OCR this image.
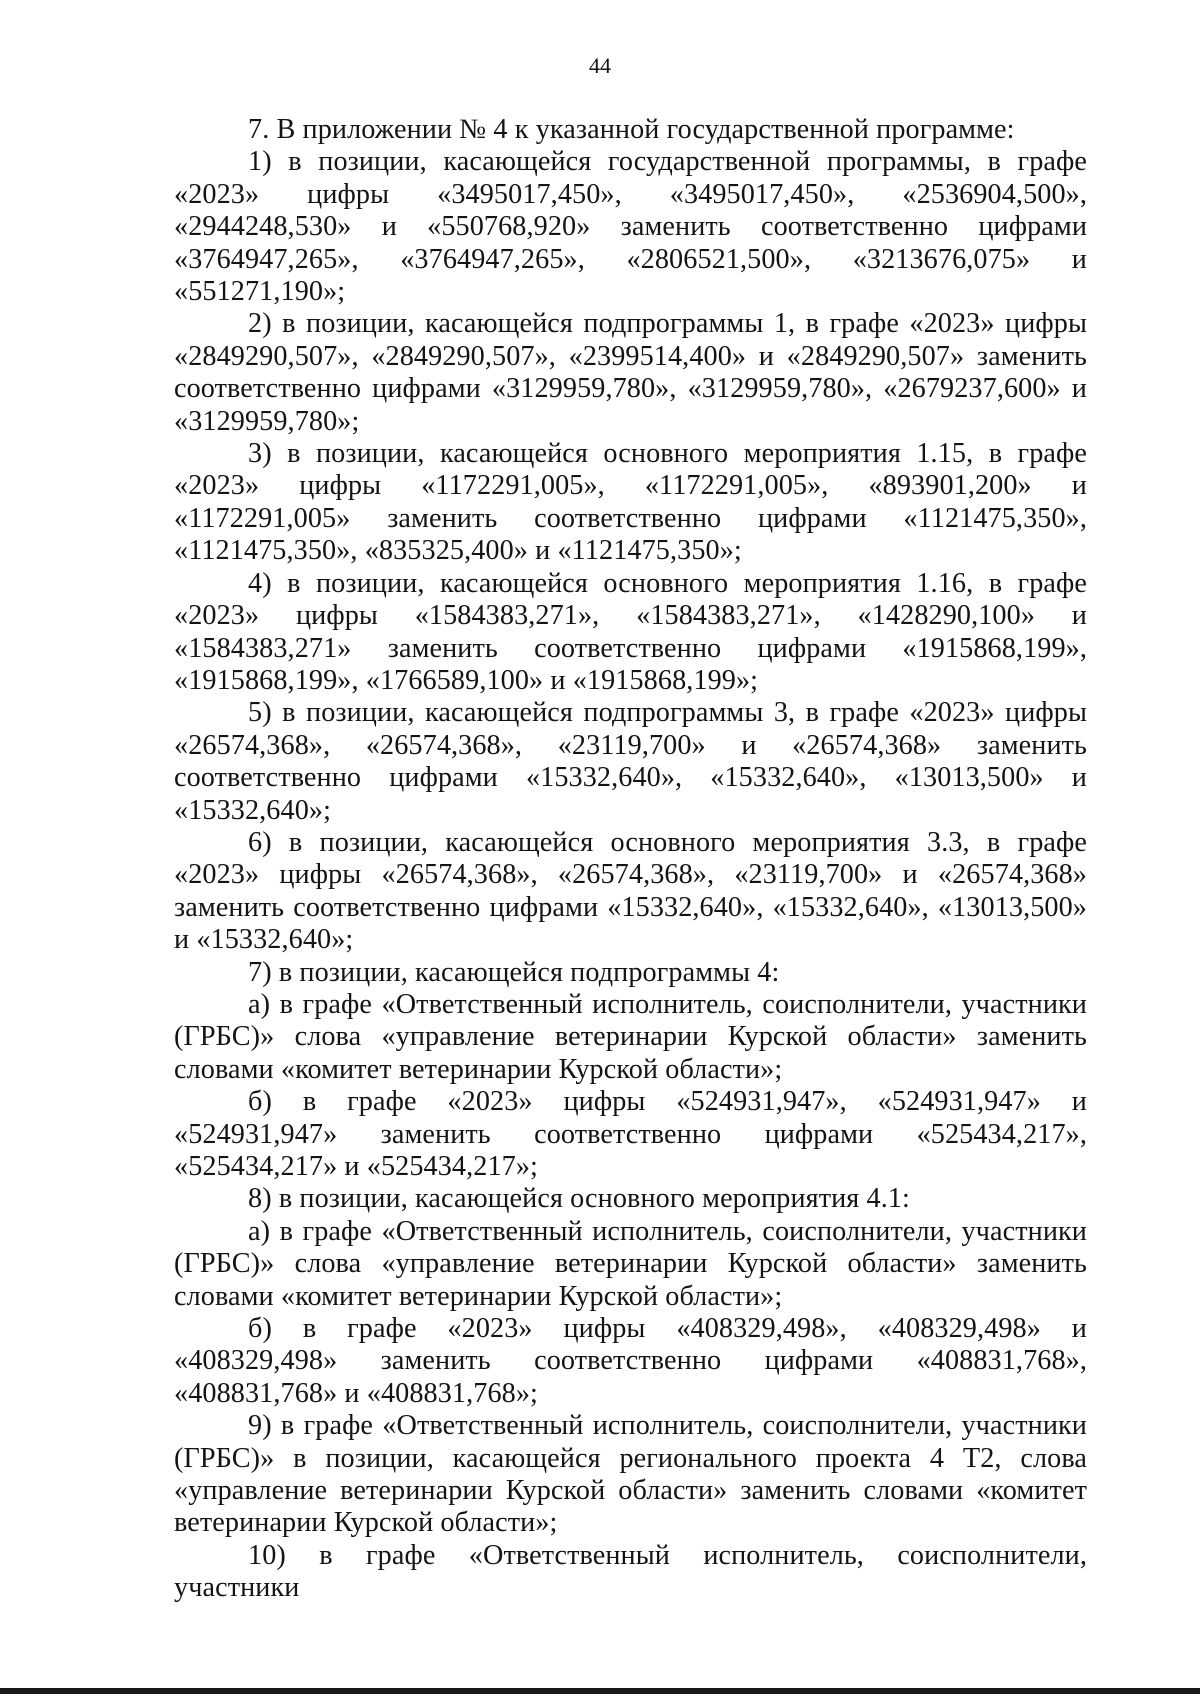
44

7. В приложении № 4 к указанной государственной программе:

1) в позиции, касающейся государственной программы, в графе «2023» цифры «3495017,450», «3495017,450», «2536904,500», «2944248,530» и «550768,920» заменить соответственно цифрами «3764947,265», «3764947,265», «2806521,500», «3213676,075» и «551271,190»;

2) в позиции, касающейся подпрограммы 1, в графе «2023» цифры «2849290,507», «2849290,507», «2399514,400» и «2849290,507» заменить соответственно цифрами «3129959,780», «3129959,780», «2679237,600» и «3129959,780»;

3) в позиции, касающейся основного мероприятия 1.15, в графе «2023» цифры «1172291,005», «1172291,005», «893901,200» и «1172291,005» заменить соответственно цифрами «1121475,350», «1121475,350», «835325,400» и «1121475,350»;

4) в позиции, касающейся основного мероприятия 1.16, в графе «2023» цифры «1584383,271», «1584383,271», «1428290,100» и «1584383,271» заменить соответственно цифрами «1915868,199», «1915868,199», «1766589,100» и «1915868,199»;

5) в позиции, касающейся подпрограммы 3, в графе «2023» цифры «26574,368», «26574,368», «23119,700» и «26574,368» заменить соответственно цифрами «15332,640», «15332,640», «13013,500» и «15332,640»;

6) в позиции, касающейся основного мероприятия 3.3, в графе «2023» цифры «26574,368», «26574,368», «23119,700» и «26574,368» заменить соответственно цифрами «15332,640», «15332,640», «13013,500» и «15332,640»;

7) в позиции, касающейся подпрограммы 4:

а) в графе «Ответственный исполнитель, соисполнители, участники (ГРБС)» слова «управление ветеринарии Курской области» заменить словами «комитет ветеринарии Курской области»;

б) в графе «2023» цифры «524931,947», «524931,947» и «524931,947» заменить соответственно цифрами «525434,217», «525434,217» и «525434,217»;

8) в позиции, касающейся основного мероприятия 4.1:

а) в графе «Ответственный исполнитель, соисполнители, участники (ГРБС)» слова «управление ветеринарии Курской области» заменить словами «комитет ветеринарии Курской области»;

б) в графе «2023» цифры «408329,498», «408329,498» и «408329,498» заменить соответственно цифрами «408831,768», «408831,768» и «408831,768»;

9) в графе «Ответственный исполнитель, соисполнители, участники (ГРБС)» в позиции, касающейся регионального проекта 4 Т2, слова «управление ветеринарии Курской области» заменить словами «комитет ветеринарии Курской области»;

10) в графе «Ответственный исполнитель, соисполнители, участники
